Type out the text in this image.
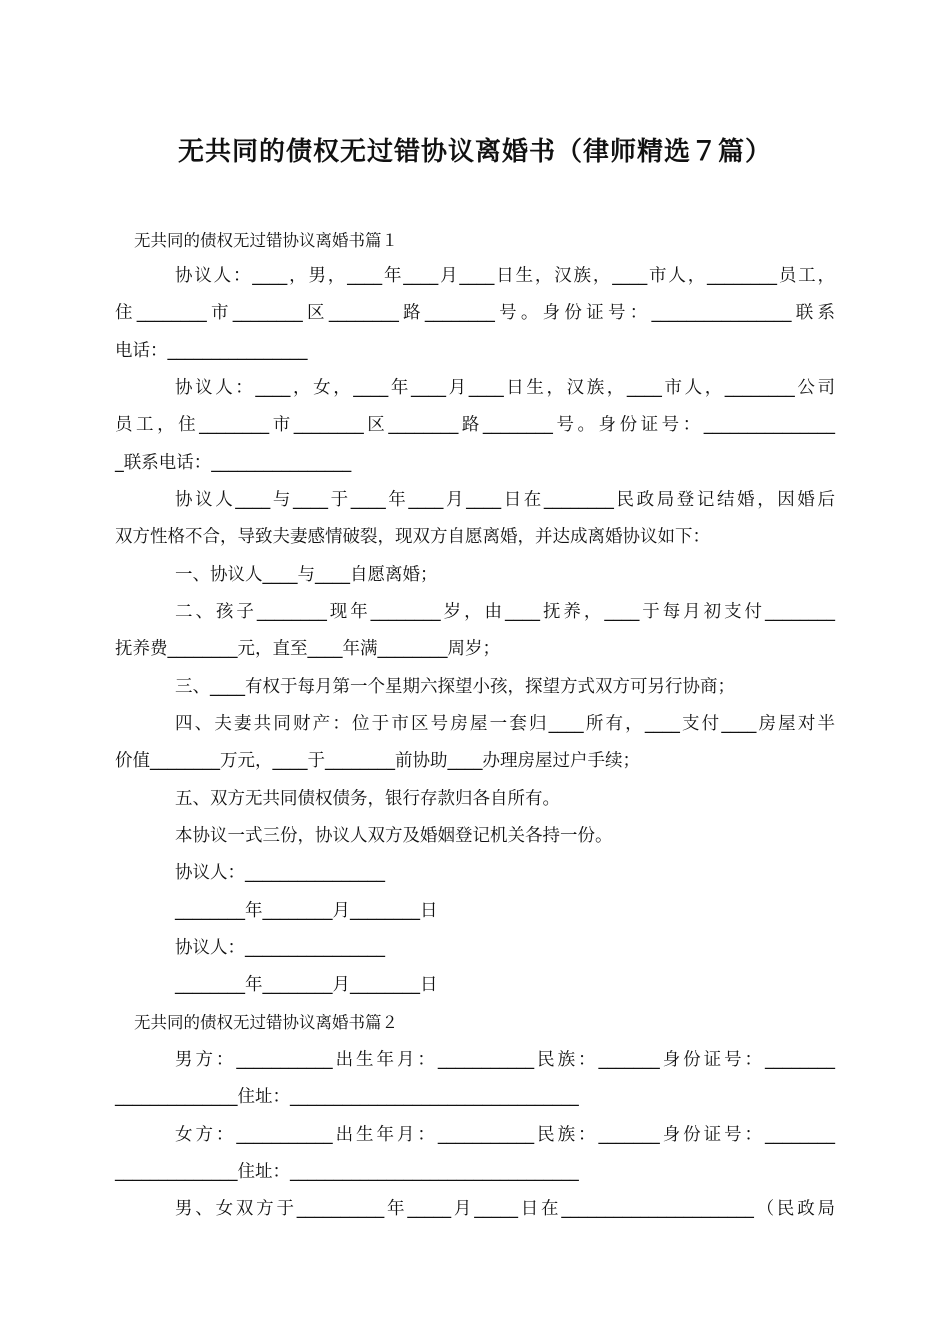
无共同的债权无过错协议离婚书（律师精选７篇）
无共同的债权无过错协议离婚书篇１
协议人：____，男，____年____月____日生，汉族，____市人，________员工，
住________市________区________路________号。身份证号：________________联系
电话：________________
协议人：____，女，____年____月____日生，汉族，____市人，________公司
员工，住________市________区________路________号。身份证号：_______________
_联系电话：________________
协议人____与____于____年____月____日在________民政局登记结婚，因婚后
双方性格不合，导致夫妻感情破裂，现双方自愿离婚，并达成离婚协议如下：
一、协议人____与____自愿离婚；
二、孩子________现年________岁，由____抚养，____于每月初支付________
抚养费________元，直至____年满________周岁；
三、____有权于每月第一个星期六探望小孩，探望方式双方可另行协商；
四、夫妻共同财产：位于市区号房屋一套归____所有，____支付____房屋对半
价值________万元，____于________前协助____办理房屋过户手续；
五、双方无共同债权债务，银行存款归各自所有。
本协议一式三份，协议人双方及婚姻登记机关各持一份。
协议人：________________
________年________月________日
协议人：________________
________年________月________日
无共同的债权无过错协议离婚书篇２
男方：___________出生年月：___________民族：_______身份证号：________
______________住址：_________________________________
女方：___________出生年月：___________民族：_______身份证号：________
______________住址：_________________________________
男、女双方于__________年_____月_____日在______________________（民政局
